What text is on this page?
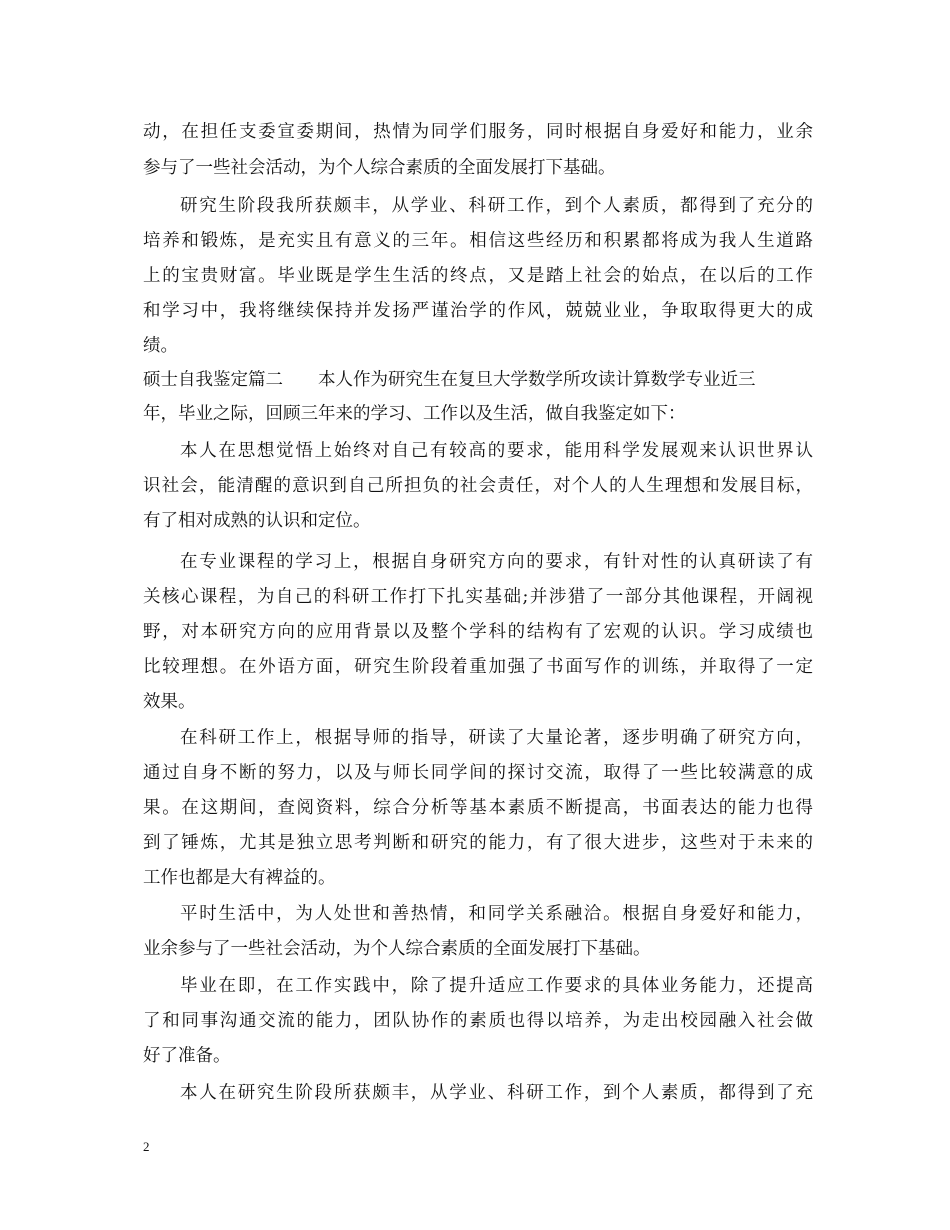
动，在担任支委宣委期间，热情为同学们服务，同时根据自身爱好和能力，业余
参与了一些社会活动，为个人综合素质的全面发展打下基础。
研究生阶段我所获颇丰，从学业、科研工作，到个人素质，都得到了充分的
培养和锻炼，是充实且有意义的三年。相信这些经历和积累都将成为我人生道路
上的宝贵财富。毕业既是学生生活的终点，又是踏上社会的始点，在以后的工作
和学习中，我将继续保持并发扬严谨治学的作风，兢兢业业，争取取得更大的成
绩。
硕士自我鉴定篇二　　本人作为研究生在复旦大学数学所攻读计算数学专业近三
年，毕业之际，回顾三年来的学习、工作以及生活，做自我鉴定如下：
本人在思想觉悟上始终对自己有较高的要求，能用科学发展观来认识世界认
识社会，能清醒的意识到自己所担负的社会责任，对个人的人生理想和发展目标，
有了相对成熟的认识和定位。
在专业课程的学习上，根据自身研究方向的要求，有针对性的认真研读了有
关核心课程，为自己的科研工作打下扎实基础;并涉猎了一部分其他课程，开阔视
野，对本研究方向的应用背景以及整个学科的结构有了宏观的认识。学习成绩也
比较理想。在外语方面，研究生阶段着重加强了书面写作的训练，并取得了一定
效果。
在科研工作上，根据导师的指导，研读了大量论著，逐步明确了研究方向，
通过自身不断的努力，以及与师长同学间的探讨交流，取得了一些比较满意的成
果。在这期间，查阅资料，综合分析等基本素质不断提高，书面表达的能力也得
到了锤炼，尤其是独立思考判断和研究的能力，有了很大进步，这些对于未来的
工作也都是大有裨益的。
平时生活中，为人处世和善热情，和同学关系融洽。根据自身爱好和能力，
业余参与了一些社会活动，为个人综合素质的全面发展打下基础。
毕业在即，在工作实践中，除了提升适应工作要求的具体业务能力，还提高
了和同事沟通交流的能力，团队协作的素质也得以培养，为走出校园融入社会做
好了准备。
本人在研究生阶段所获颇丰，从学业、科研工作，到个人素质，都得到了充
2
